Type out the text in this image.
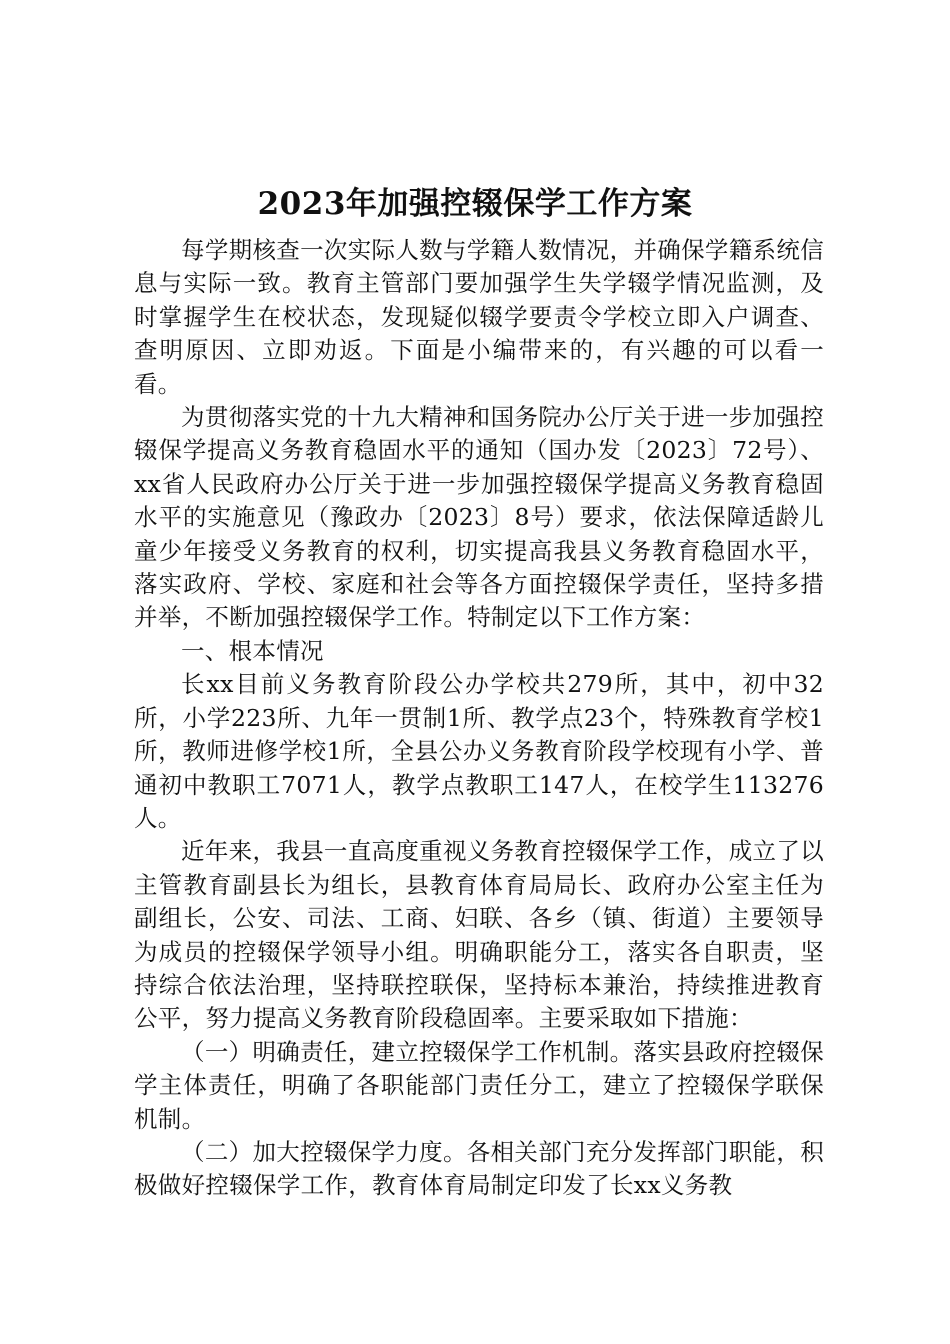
2023年加强控辍保学工作方案

每学期核查一次实际人数与学籍人数情况，并确保学籍系统信息与实际一致。教育主管部门要加强学生失学辍学情况监测，及时掌握学生在校状态，发现疑似辍学要责令学校立即入户调查、查明原因、立即劝返。下面是小编带来的，有兴趣的可以看一看。

为贯彻落实党的十九大精神和国务院办公厅关于进一步加强控辍保学提高义务教育稳固水平的通知（国办发〔2023〕72号）、xx省人民政府办公厅关于进一步加强控辍保学提高义务教育稳固水平的实施意见（豫政办〔2023〕8号）要求，依法保障适龄儿童少年接受义务教育的权利，切实提高我县义务教育稳固水平，落实政府、学校、家庭和社会等各方面控辍保学责任，坚持多措并举，不断加强控辍保学工作。特制定以下工作方案：

一、根本情况

长xx目前义务教育阶段公办学校共279所，其中，初中32所，小学223所、九年一贯制1所、教学点23个，特殊教育学校1所，教师进修学校1所，全县公办义务教育阶段学校现有小学、普通初中教职工7071人，教学点教职工147人，在校学生113276人。

近年来，我县一直高度重视义务教育控辍保学工作，成立了以主管教育副县长为组长，县教育体育局局长、政府办公室主任为副组长，公安、司法、工商、妇联、各乡（镇、街道）主要领导为成员的控辍保学领导小组。明确职能分工，落实各自职责，坚持综合依法治理，坚持联控联保，坚持标本兼治，持续推进教育公平，努力提高义务教育阶段稳固率。主要采取如下措施：

（一）明确责任，建立控辍保学工作机制。落实县政府控辍保学主体责任，明确了各职能部门责任分工，建立了控辍保学联保机制。

（二）加大控辍保学力度。各相关部门充分发挥部门职能，积极做好控辍保学工作，教育体育局制定印发了长xx义务教
